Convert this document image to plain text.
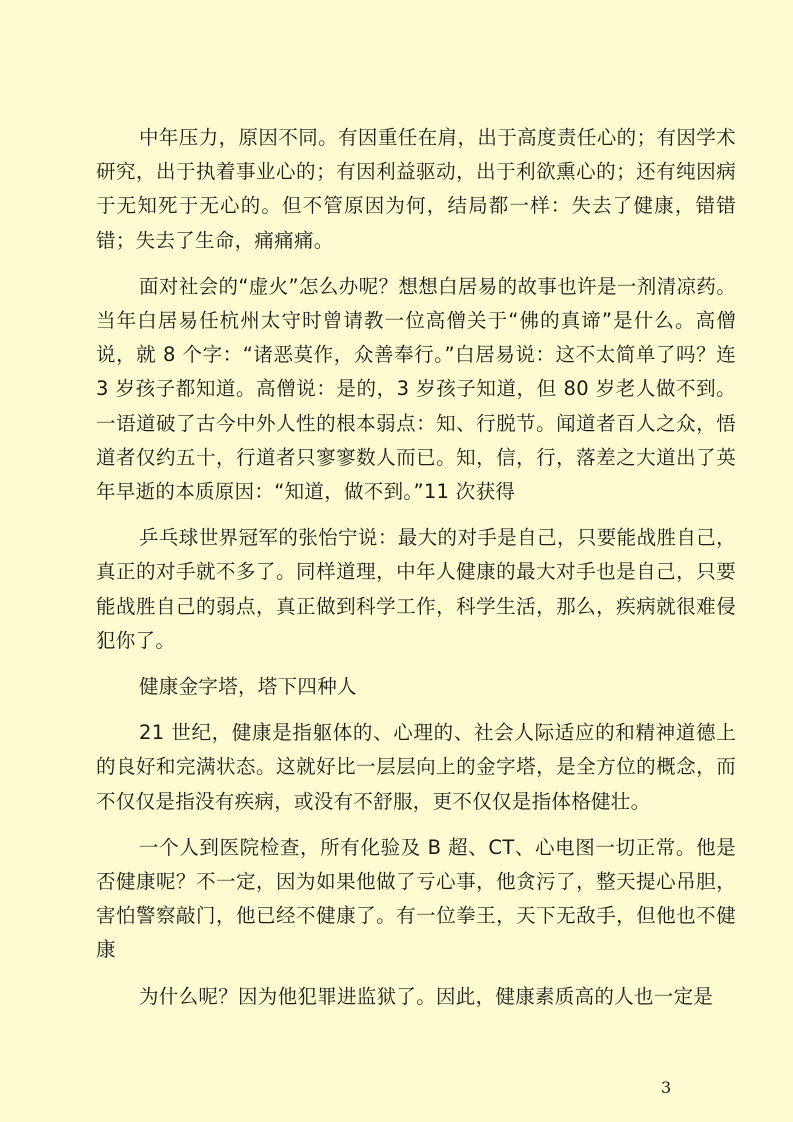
中年压力，原因不同。有因重任在肩，出于高度责任心的；有因学术研究，出于执着事业心的；有因利益驱动，出于利欲熏心的；还有纯因病于无知死于无心的。但不管原因为何，结局都一样：失去了健康，错错错；失去了生命，痛痛痛。

面对社会的“虚火”怎么办呢？想想白居易的故事也许是一剂清凉药。当年白居易任杭州太守时曾请教一位高僧关于“佛的真谛”是什么。高僧说，就 8 个字：“诸恶莫作，众善奉行。”白居易说：这不太简单了吗？连 3 岁孩子都知道。高僧说：是的，3 岁孩子知道，但 80 岁老人做不到。一语道破了古今中外人性的根本弱点：知、行脱节。闻道者百人之众，悟道者仅约五十，行道者只寥寥数人而已。知，信，行，落差之大道出了英年早逝的本质原因：“知道，做不到。”11 次获得

乒乓球世界冠军的张怡宁说：最大的对手是自己，只要能战胜自己，真正的对手就不多了。同样道理，中年人健康的最大对手也是自己，只要能战胜自己的弱点，真正做到科学工作，科学生活，那么，疾病就很难侵犯你了。

健康金字塔，塔下四种人

21 世纪，健康是指躯体的、心理的、社会人际适应的和精神道德上的良好和完满状态。这就好比一层层向上的金字塔，是全方位的概念，而不仅仅是指没有疾病，或没有不舒服，更不仅仅是指体格健壮。

一个人到医院检查，所有化验及 B 超、CT、心电图一切正常。他是否健康呢？不一定，因为如果他做了亏心事，他贪污了，整天提心吊胆，害怕警察敲门，他已经不健康了。有一位拳王，天下无敌手，但他也不健康

为什么呢？因为他犯罪进监狱了。因此，健康素质高的人也一定是

3
